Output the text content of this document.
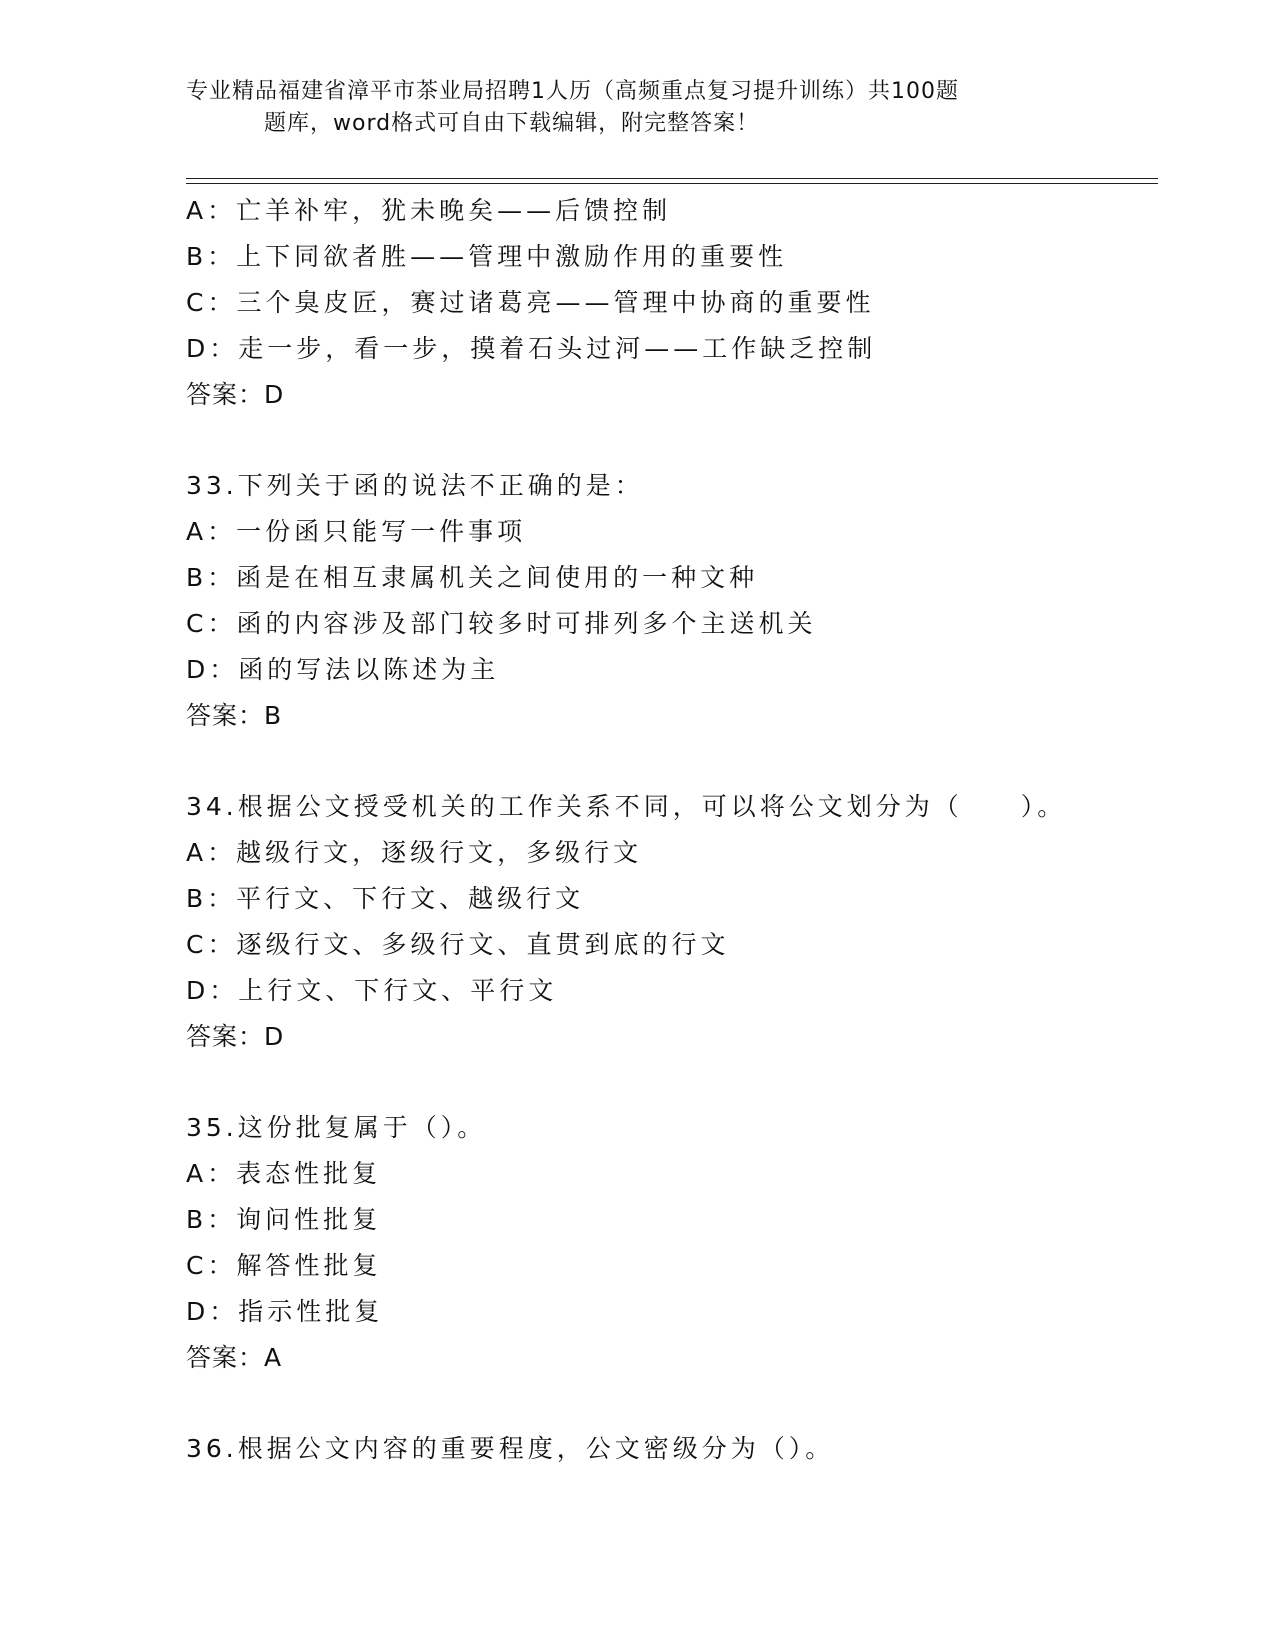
专业精品福建省漳平市茶业局招聘1人历（高频重点复习提升训练）共100题
题库，word格式可自由下载编辑，附完整答案！
A：亡羊补牢，犹未晚矣——后馈控制
B：上下同欲者胜——管理中激励作用的重要性
C：三个臭皮匠，赛过诸葛亮——管理中协商的重要性
D：走一步，看一步，摸着石头过河——工作缺乏控制
答案：D
33.下列关于函的说法不正确的是：
A：一份函只能写一件事项
B：函是在相互隶属机关之间使用的一种文种
C：函的内容涉及部门较多时可排列多个主送机关
D：函的写法以陈述为主
答案：B
34.根据公文授受机关的工作关系不同，可以将公文划分为（　　）。
A：越级行文，逐级行文，多级行文
B：平行文、下行文、越级行文
C：逐级行文、多级行文、直贯到底的行文
D：上行文、下行文、平行文
答案：D
35.这份批复属于（）。
A：表态性批复
B：询问性批复
C：解答性批复
D：指示性批复
答案：A
36.根据公文内容的重要程度，公文密级分为（）。
